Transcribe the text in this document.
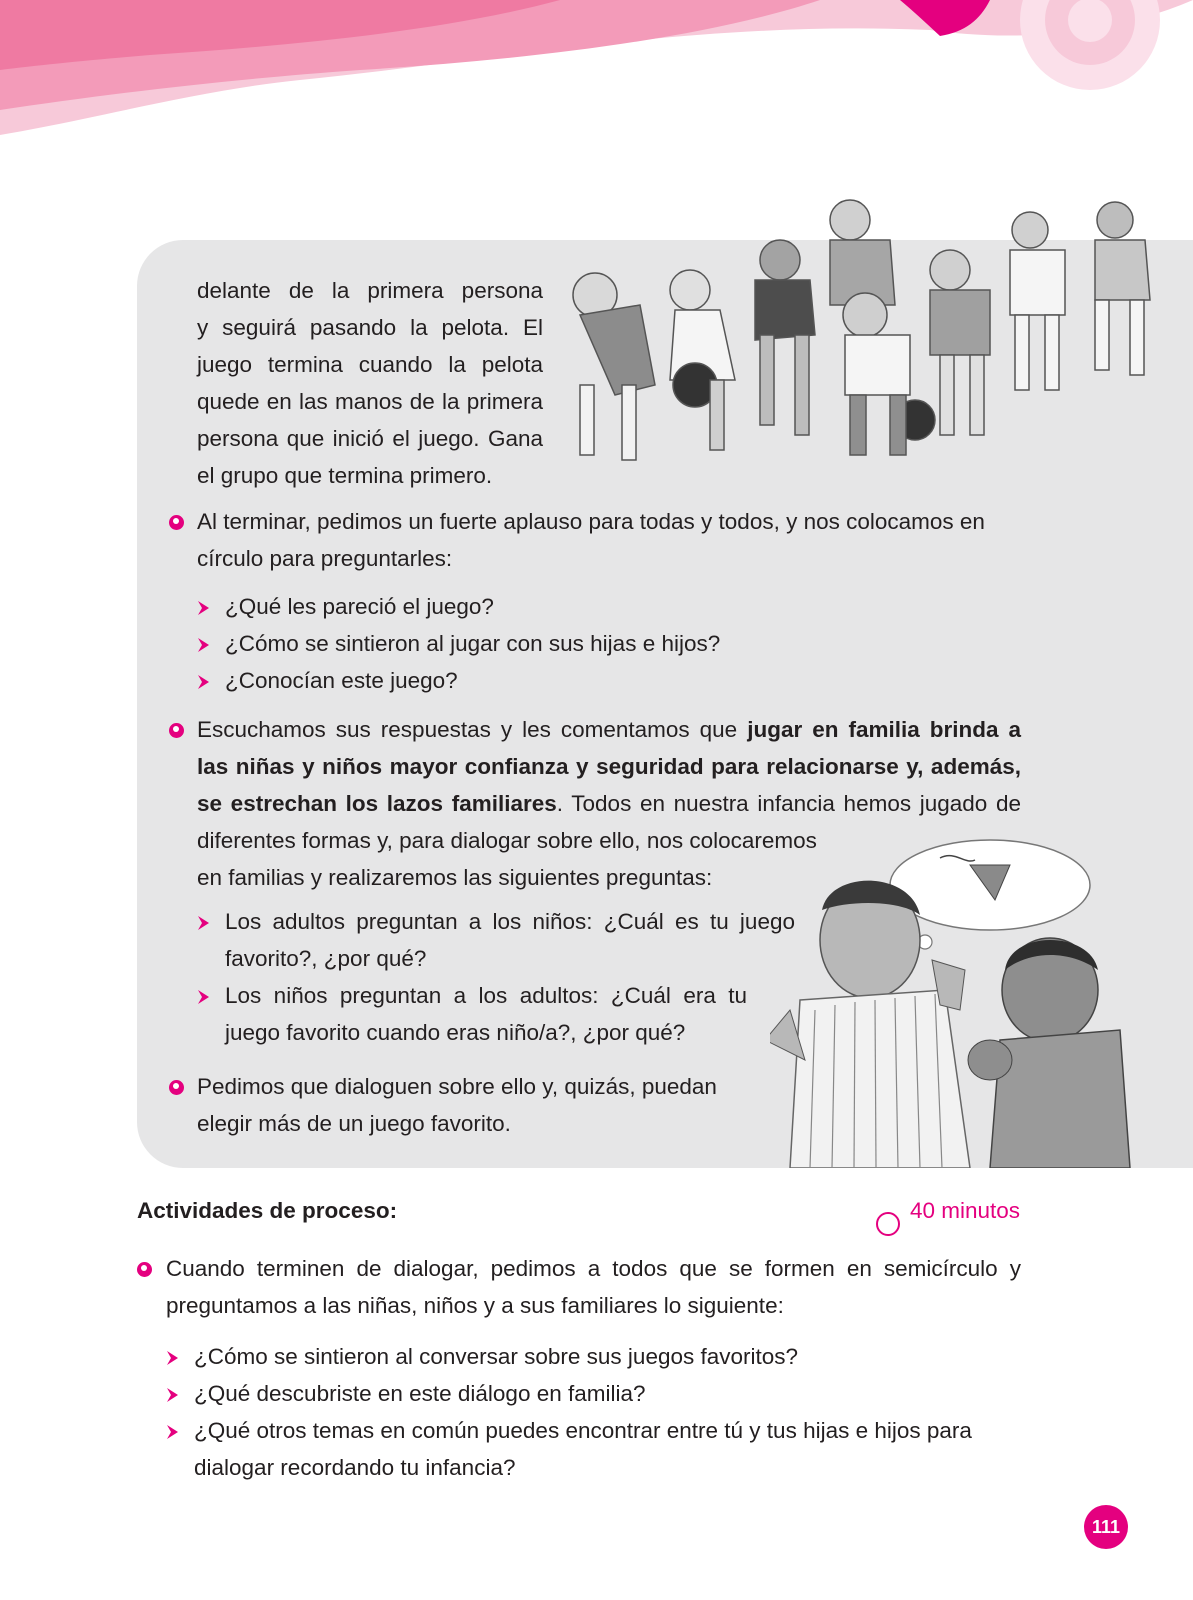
delante de la primera persona
y seguirá pasando la pelota. El
juego termina cuando la pelota
quede en las manos de la primera
persona que inició el juego. Gana
el grupo que termina primero.
Al terminar, pedimos un fuerte aplauso para todas y todos, y nos colocamos en
círculo para preguntarles:
¿Qué les pareció el juego?
¿Cómo se sintieron al jugar con sus hijas e hijos?
¿Conocían este juego?
Escuchamos sus respuestas y les comentamos que jugar en familia brinda a
las niñas y niños mayor confianza y seguridad para relacionarse y, además,
se estrechan los lazos familiares. Todos en nuestra infancia hemos jugado de
diferentes formas y, para dialogar sobre ello, nos colocaremos
en familias y realizaremos las siguientes preguntas:
Los adultos preguntan a los niños: ¿Cuál es tu juego
favorito?, ¿por qué?
Los niños preguntan a los adultos: ¿Cuál era tu
juego favorito cuando eras niño/a?, ¿por qué?
Pedimos que dialoguen sobre ello y, quizás, puedan
elegir más de un juego favorito.
Actividades de proceso:	40 minutos
Cuando terminen de dialogar, pedimos a todos que se formen en semicírculo y
preguntamos a las niñas, niños y a sus familiares lo siguiente:
¿Cómo se sintieron al conversar sobre sus juegos favoritos?
¿Qué descubriste en este diálogo en familia?
¿Qué otros temas en común puedes encontrar entre tú y tus hijas e hijos para
dialogar recordando tu infancia?
111
